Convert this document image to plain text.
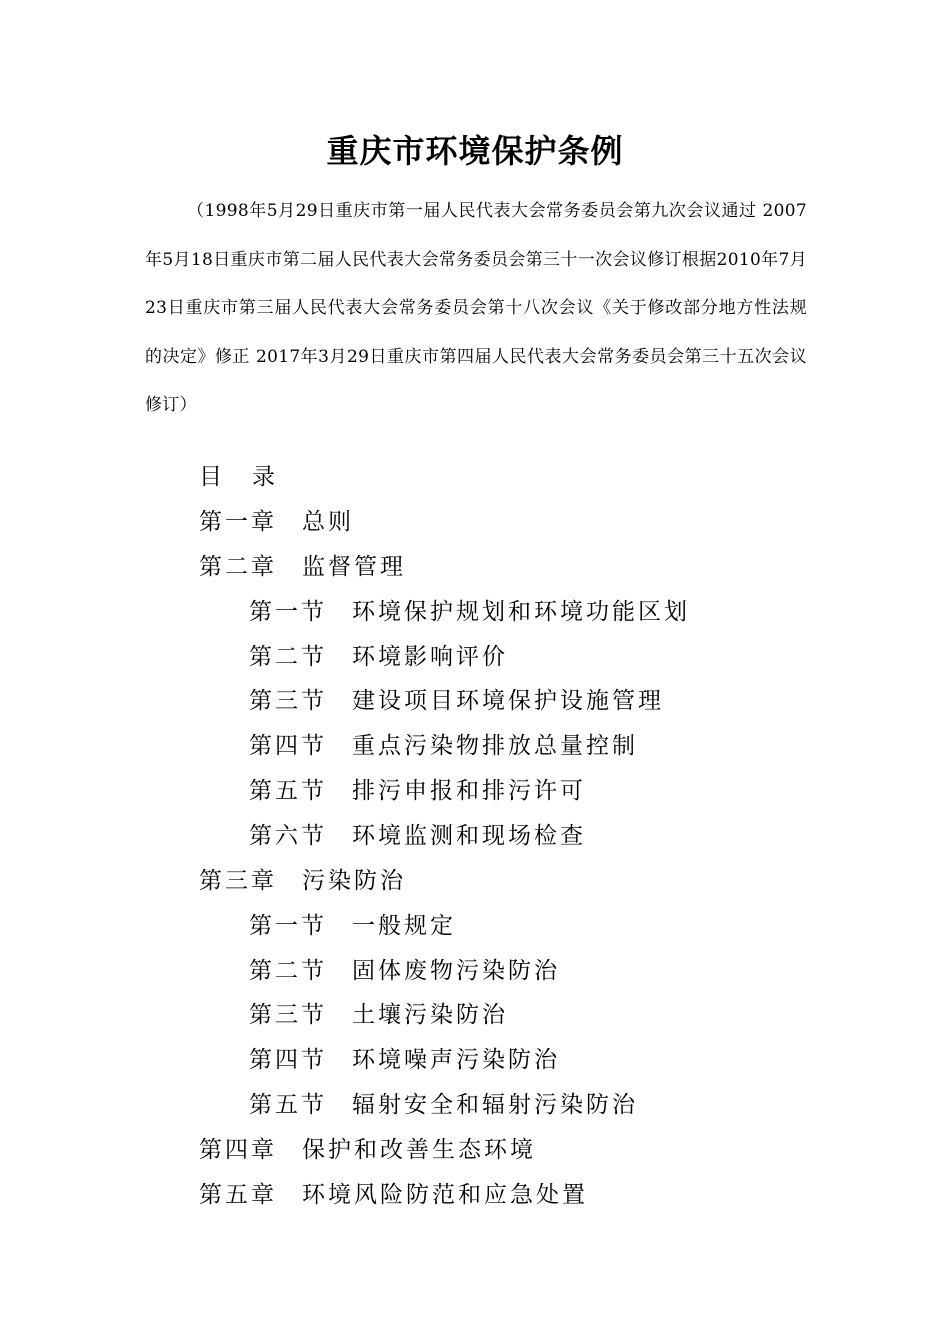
重庆市环境保护条例
（1998年5月29日重庆市第一届人民代表大会常务委员会第九次会议通过 2007年5月18日重庆市第二届人民代表大会常务委员会第三十一次会议修订根据2010年7月23日重庆市第三届人民代表大会常务委员会第十八次会议《关于修改部分地方性法规的决定》修正 2017年3月29日重庆市第四届人民代表大会常务委员会第三十五次会议修订）
目录
第一章 总则
第二章 监督管理
第一节 环境保护规划和环境功能区划
第二节 环境影响评价
第三节 建设项目环境保护设施管理
第四节 重点污染物排放总量控制
第五节 排污申报和排污许可
第六节 环境监测和现场检查
第三章 污染防治
第一节 一般规定
第二节 固体废物污染防治
第三节 土壤污染防治
第四节 环境噪声污染防治
第五节 辐射安全和辐射污染防治
第四章 保护和改善生态环境
第五章 环境风险防范和应急处置
